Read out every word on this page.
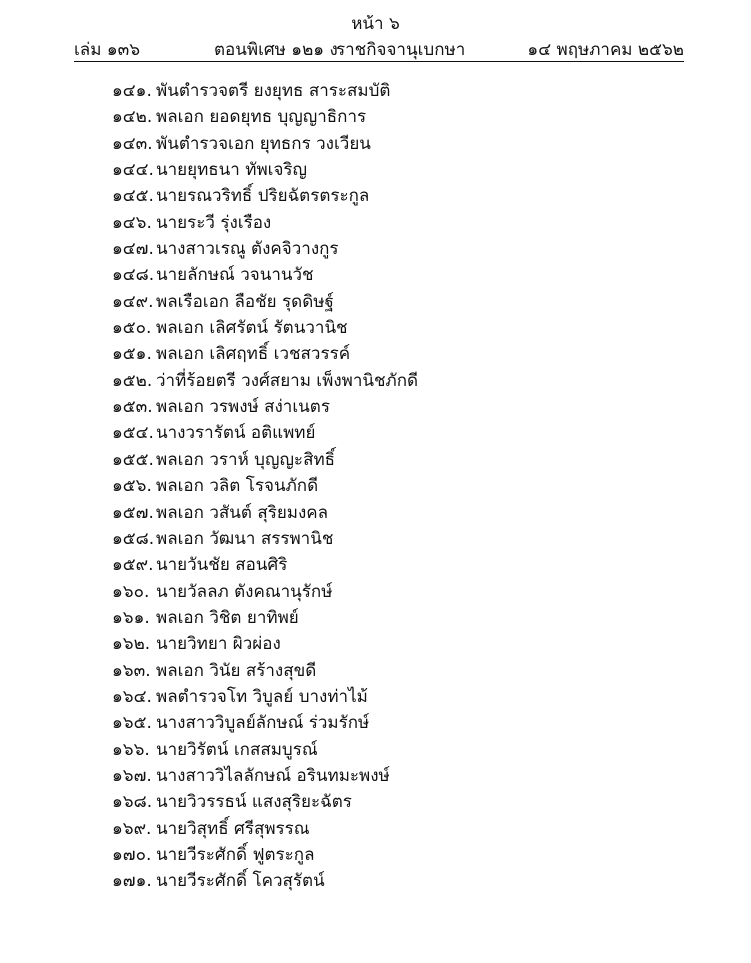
หน้า ๖
เล่ม ๑๓๖	ตอนพิเศษ ๑๒๑ ง
ราชกิจจานุเบกษา	๑๔ พฤษภาคม ๒๕๖๒
๑๔๑. พันตำรวจตรี ยงยุทธ สาระสมบัติ
๑๔๒. พลเอก ยอดยุทธ บุญญาธิการ
๑๔๓. พันตำรวจเอก ยุทธกร วงเวียน
๑๔๔. นายยุทธนา ทัพเจริญ
๑๔๕. นายรณวริทธิ์ ปริยฉัตรตระกูล
๑๔๖. นายระวี รุ่งเรือง
๑๔๗. นางสาวเรณู ตังคจิวางกูร
๑๔๘. นายลักษณ์ วจนานวัช
๑๔๙. พลเรือเอก ลือชัย รุดดิษฐ์
๑๕๐. พลเอก เลิศรัตน์ รัตนวานิช
๑๕๑. พลเอก เลิศฤทธิ์ เวชสวรรค์
๑๕๒. ว่าที่ร้อยตรี วงศ์สยาม เพ็งพานิชภักดี
๑๕๓. พลเอก วรพงษ์ สง่าเนตร
๑๕๔. นางวรารัตน์ อติแพทย์
๑๕๕. พลเอก วราห์ บุญญะสิทธิ์
๑๕๖. พลเอก วลิต โรจนภักดี
๑๕๗. พลเอก วสันต์ สุริยมงคล
๑๕๘. พลเอก วัฒนา สรรพานิช
๑๕๙. นายวันชัย สอนศิริ
๑๖๐. นายวัลลภ ตังคณานุรักษ์
๑๖๑. พลเอก วิชิต ยาทิพย์
๑๖๒. นายวิทยา ผิวผ่อง
๑๖๓. พลเอก วินัย สร้างสุขดี
๑๖๔. พลตำรวจโท วิบูลย์ บางท่าไม้
๑๖๕. นางสาววิบูลย์ลักษณ์ ร่วมรักษ์
๑๖๖. นายวิรัตน์ เกสสมบูรณ์
๑๖๗. นางสาววิไลลักษณ์ อรินทมะพงษ์
๑๖๘. นายวิวรรธน์ แสงสุริยะฉัตร
๑๖๙. นายวิสุทธิ์ ศรีสุพรรณ
๑๗๐. นายวีระศักดิ์ ฟูตระกูล
๑๗๑. นายวีระศักดิ์ โควสุรัตน์
